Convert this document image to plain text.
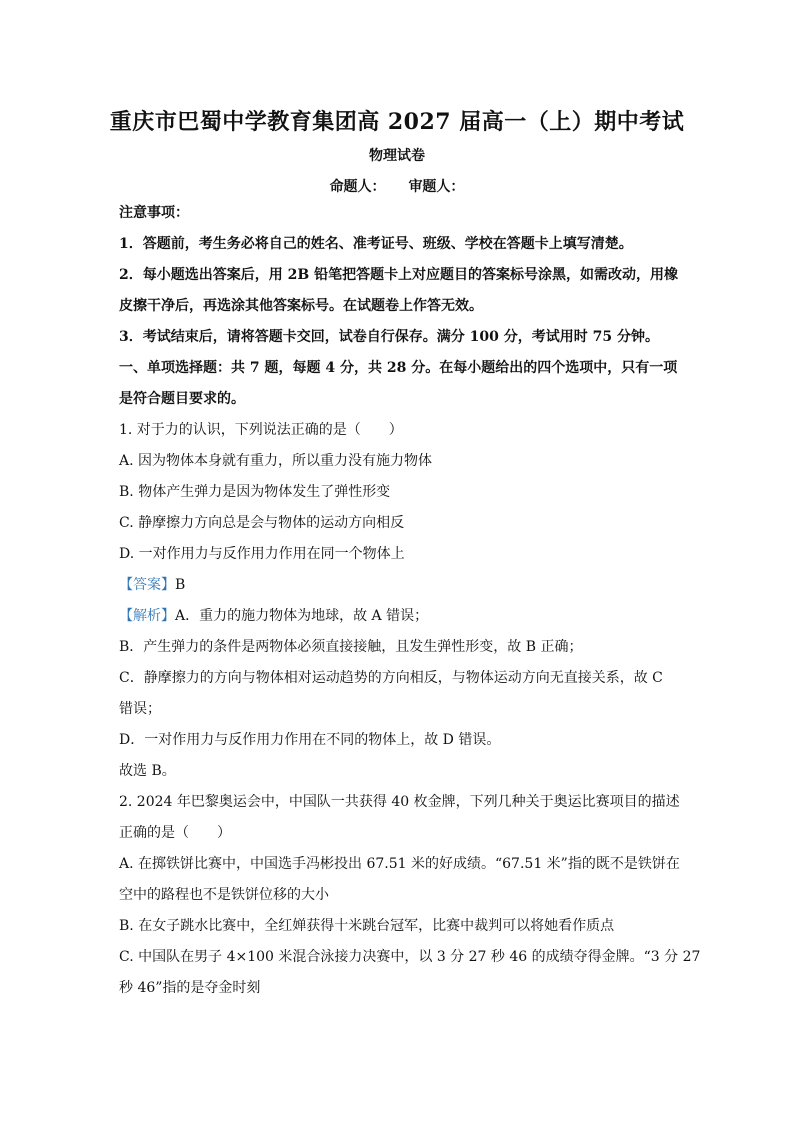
重庆市巴蜀中学教育集团高 2027 届高一（上）期中考试
物理试卷
命题人： 审题人：
注意事项：
1．答题前，考生务必将自己的姓名、准考证号、班级、学校在答题卡上填写清楚。
2．每小题选出答案后，用 2B 铅笔把答题卡上对应题目的答案标号涂黑，如需改动，用橡
皮擦干净后，再选涂其他答案标号。在试题卷上作答无效。
3．考试结束后，请将答题卡交回，试卷自行保存。满分 100 分，考试用时 75 分钟。
一、单项选择题：共 7 题，每题 4 分，共 28 分。在每小题给出的四个选项中，只有一项
是符合题目要求的。
1. 对于力的认识，下列说法正确的是（　　）
A. 因为物体本身就有重力，所以重力没有施力物体
B. 物体产生弹力是因为物体发生了弹性形变
C. 静摩擦力方向总是会与物体的运动方向相反
D. 一对作用力与反作用力作用在同一个物体上
【答案】B
【解析】A．重力的施力物体为地球，故 A 错误；
B．产生弹力的条件是两物体必须直接接触，且发生弹性形变，故 B 正确；
C．静摩擦力的方向与物体相对运动趋势的方向相反，与物体运动方向无直接关系，故 C
错误；
D．一对作用力与反作用力作用在不同的物体上，故 D 错误。
故选 B。
2. 2024 年巴黎奥运会中，中国队一共获得 40 枚金牌，下列几种关于奥运比赛项目的描述
正确的是（　　）
A. 在掷铁饼比赛中，中国选手冯彬投出 67.51 米的好成绩。“67.51 米”指的既不是铁饼在
空中的路程也不是铁饼位移的大小
B. 在女子跳水比赛中，全红婵获得十米跳台冠军，比赛中裁判可以将她看作质点
C. 中国队在男子 4×100 米混合泳接力决赛中，以 3 分 27 秒 46 的成绩夺得金牌。“3 分 27
秒 46”指的是夺金时刻
